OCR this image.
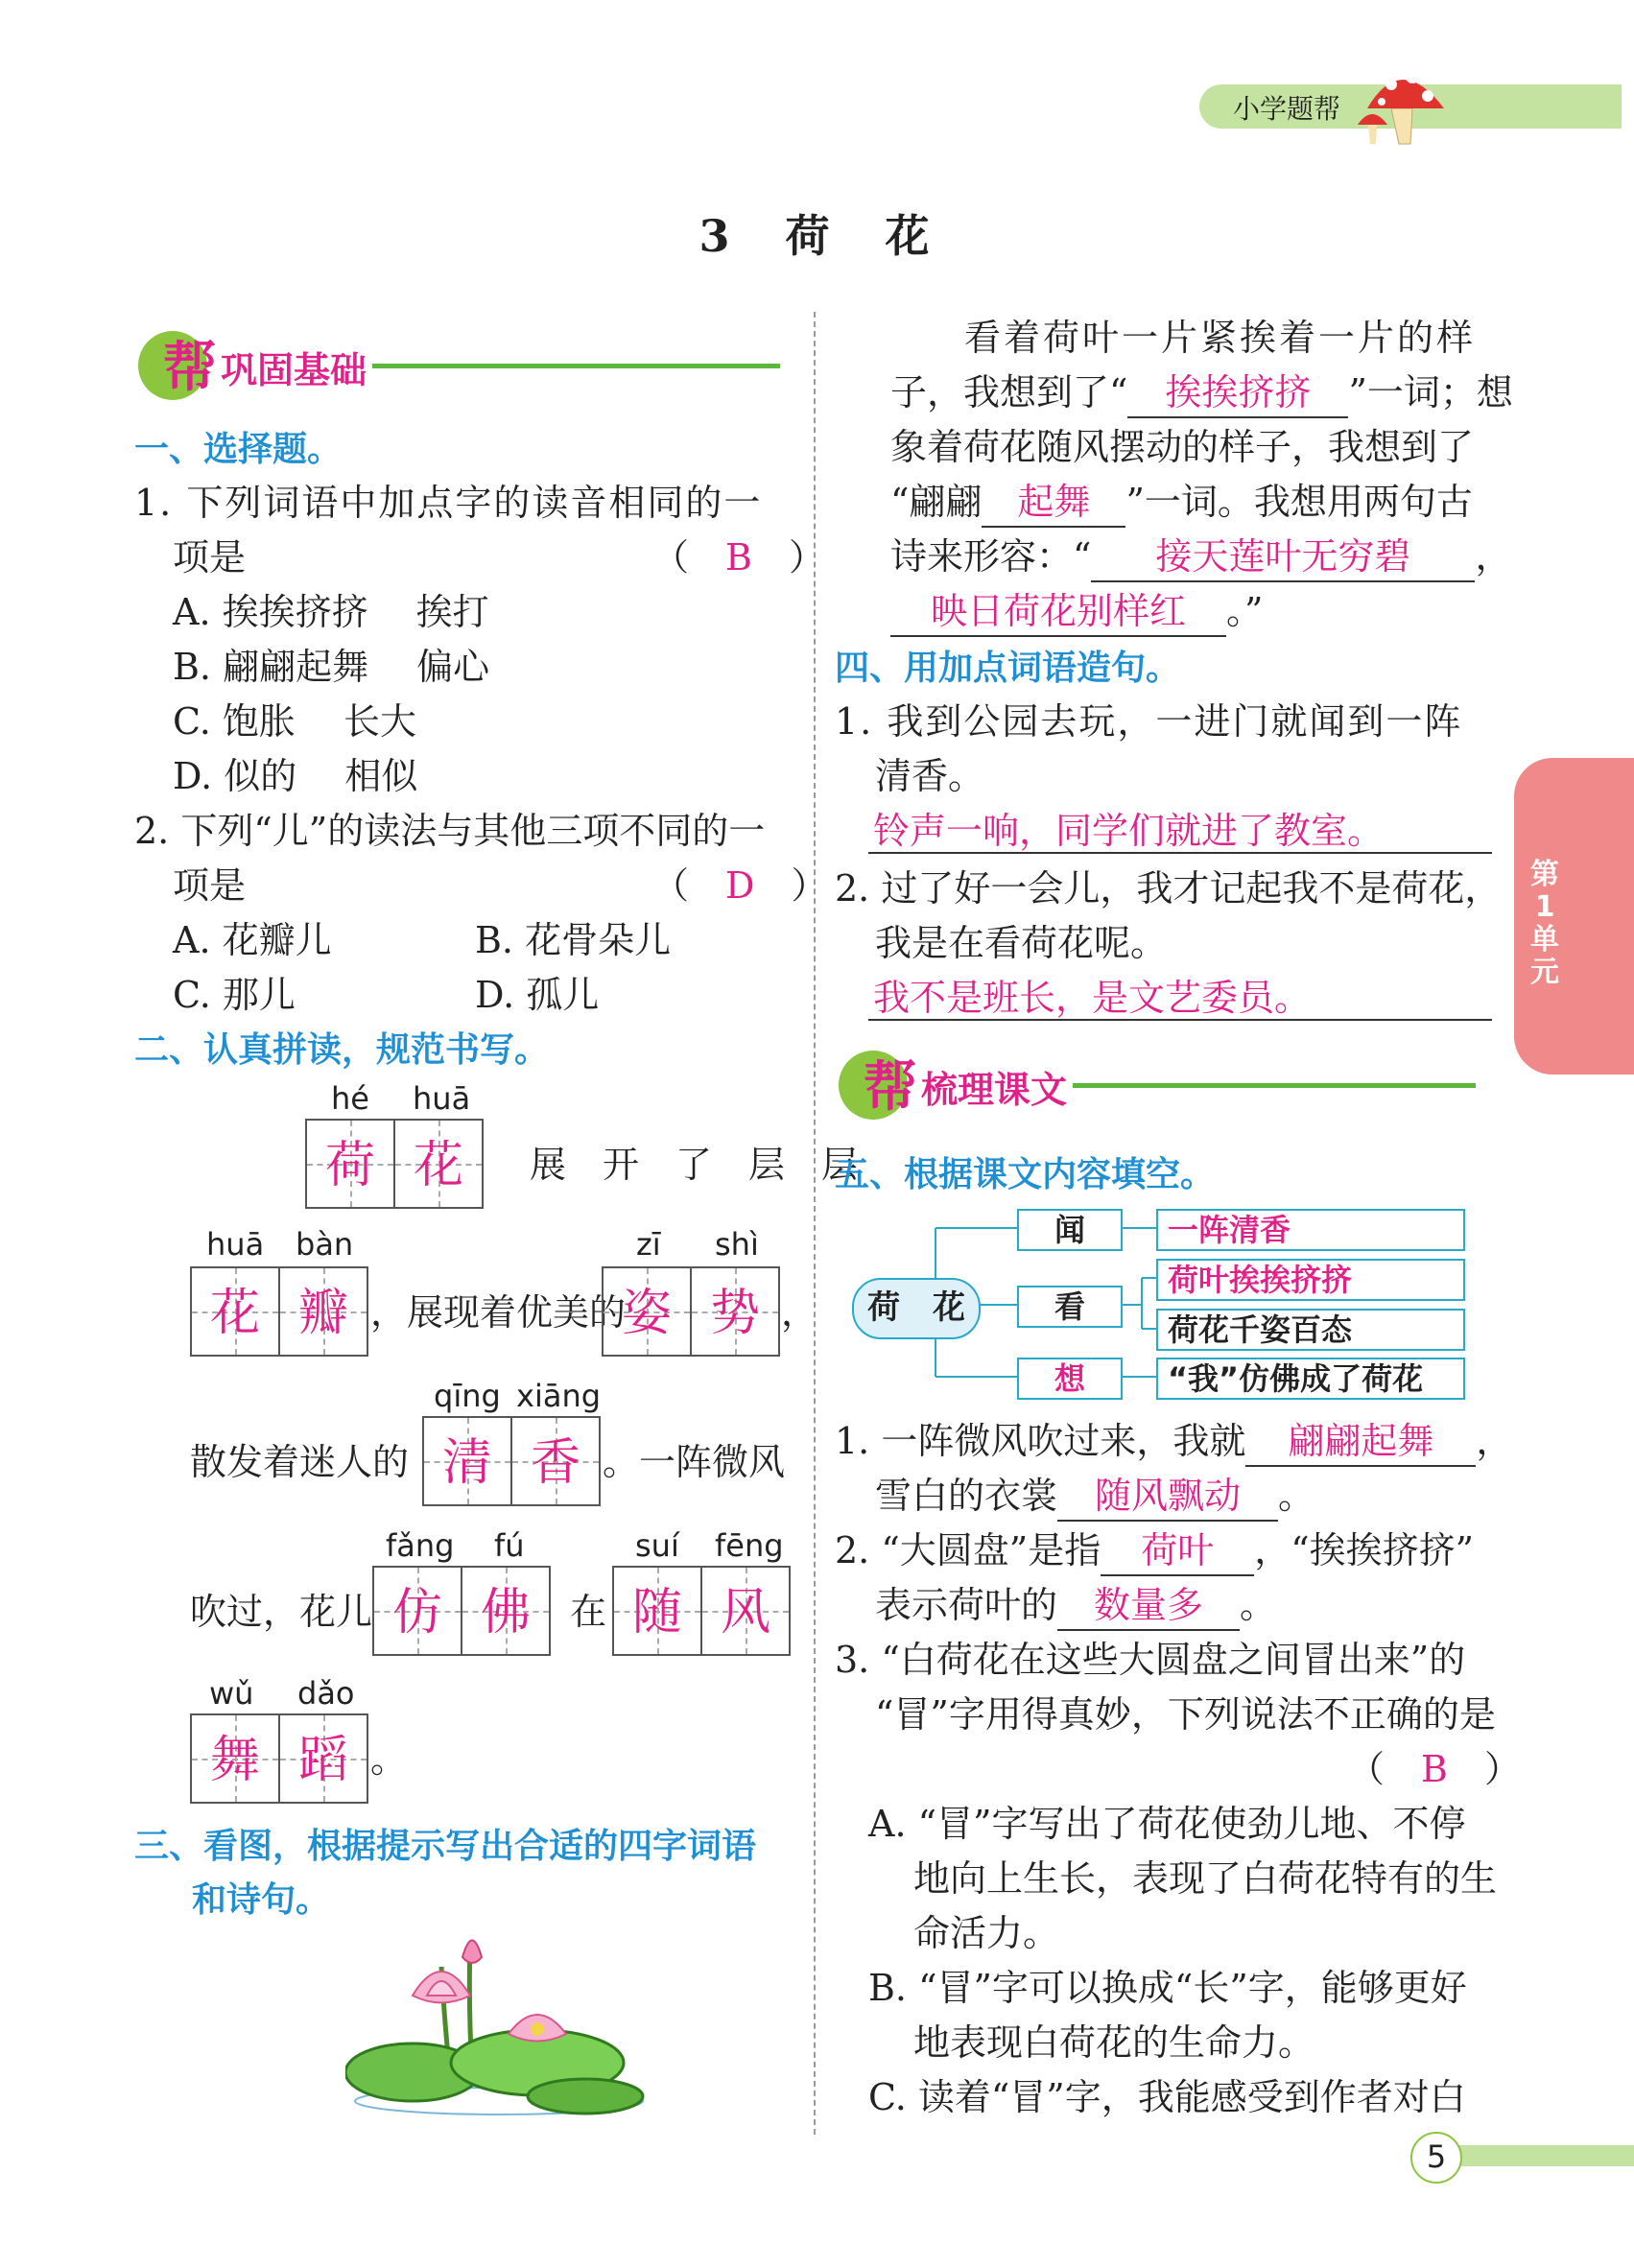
小学题帮
3　荷　花
帮 巩固基础
一、选择题。
1. 下列词语中加点字的读音相同的一
项是	（　B　）
A. 挨挨挤挤　 挨打
B. 翩翩起舞　 偏心
C. 饱胀　 长大
D. 似的　 相似
2. 下列“儿”的读法与其他三项不同的一
项是	（　D　）
A. 花瓣儿	B. 花骨朵儿
C. 那儿	D. 孤儿
二、认真拼读，规范书写。
hé huā
荷 花	展　开　了　层　层
huā bàn
花 瓣 ，展现着优美的
zī shì
姿 势 ，
qīng xiāng
散发着迷人的 清 香 。一阵微风
fǎng fú	suí fēng
吹过，花儿 仿 佛	在 随 风
wǔ dǎo
舞 蹈 。
三、看图，根据提示写出合适的四字词语
和诗句。
看着荷叶一片紧挨着一片的样
子，我想到了“ 挨挨挤挤 ”一词；想
象着荷花随风摆动的样子，我想到了
“翩翩 起舞 ”一词。我想用两句古
诗来形容：“ 接天莲叶无穷碧 ，
映日荷花别样红 。”
四、用加点词语造句。
1. 我到公园去玩，一进门就闻到一阵
清香。
铃声一响，同学们就进了教室。
2. 过了好一会儿，我才记起我不是荷花，
我是在看荷花呢。
我不是班长，是文艺委员。
帮 梳理课文
五、根据课文内容填空。
荷　花
闻
看
想
一阵清香
荷叶挨挨挤挤
荷花千姿百态
“我”仿佛成了荷花
1. 一阵微风吹过来，我就 翩翩起舞 ，
雪白的衣裳 随风飘动 。
2. “大圆盘”是指 荷叶 ，“挨挨挤挤”
表示荷叶的 数量多 。
3. “白荷花在这些大圆盘之间冒出来”的
“冒”字用得真妙，下列说法不正确的是
（　B　）
A. “冒”字写出了荷花使劲儿地、不停
地向上生长，表现了白荷花特有的生
命活力。
B. “冒”字可以换成“长”字，能够更好
地表现白荷花的生命力。
C. 读着“冒”字，我能感受到作者对白
第1单元
5
